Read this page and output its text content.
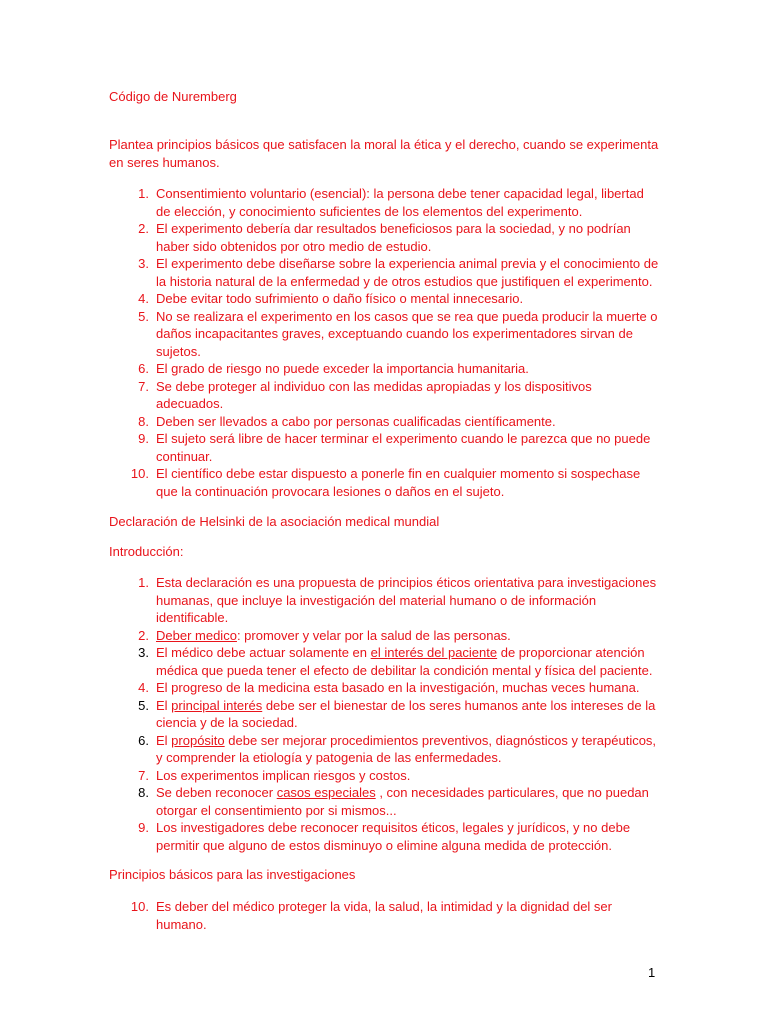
Código de Nuremberg
Plantea principios básicos que satisfacen la moral la ética y el derecho, cuando se experimenta en seres humanos.
1. Consentimiento voluntario (esencial): la persona debe tener capacidad legal, libertad de elección, y conocimiento suficientes de los elementos del experimento.
2. El experimento debería dar resultados beneficiosos para la sociedad, y no podrían haber sido obtenidos por otro medio de estudio.
3. El experimento debe diseñarse sobre la experiencia animal previa y el conocimiento de la historia natural de la enfermedad y de otros estudios que justifiquen el experimento.
4. Debe evitar todo sufrimiento o daño físico o mental innecesario.
5. No se realizara el experimento en los casos que se rea que pueda producir la muerte o daños incapacitantes graves, exceptuando cuando los experimentadores sirvan de sujetos.
6. El grado de riesgo no puede exceder la importancia humanitaria.
7. Se debe proteger al individuo con las medidas apropiadas y los dispositivos adecuados.
8. Deben ser llevados a cabo por personas cualificadas científicamente.
9. El sujeto será libre de hacer terminar el experimento cuando le parezca que no puede continuar.
10. El científico debe estar dispuesto a ponerle fin en cualquier momento si sospechase que la continuación provocara lesiones o daños en el sujeto.
Declaración de Helsinki de la asociación medical mundial
Introducción:
1. Esta declaración es una propuesta de principios éticos orientativa para investigaciones humanas, que incluye la investigación del material humano o de información identificable.
2. Deber medico: promover y velar por la salud de las personas.
3. El médico debe actuar solamente en el interés del paciente de proporcionar atención médica que pueda tener el efecto de debilitar la condición mental y física del paciente.
4. El progreso de la medicina esta basado en la investigación, muchas veces humana.
5. El principal interés debe ser el bienestar de los seres humanos ante los intereses de la ciencia y de la sociedad.
6. El propósito debe ser mejorar procedimientos preventivos, diagnósticos y terapéuticos, y comprender la etiología y patogenia de las enfermedades.
7. Los experimentos implican riesgos y costos.
8. Se deben reconocer casos especiales , con necesidades particulares, que no puedan otorgar el consentimiento por si mismos...
9. Los investigadores debe reconocer requisitos éticos, legales y jurídicos, y no debe permitir que alguno de estos disminuyo o elimine alguna medida de protección.
Principios básicos para las investigaciones
10. Es deber del médico proteger la vida, la salud, la intimidad y la dignidad del ser humano.
1
